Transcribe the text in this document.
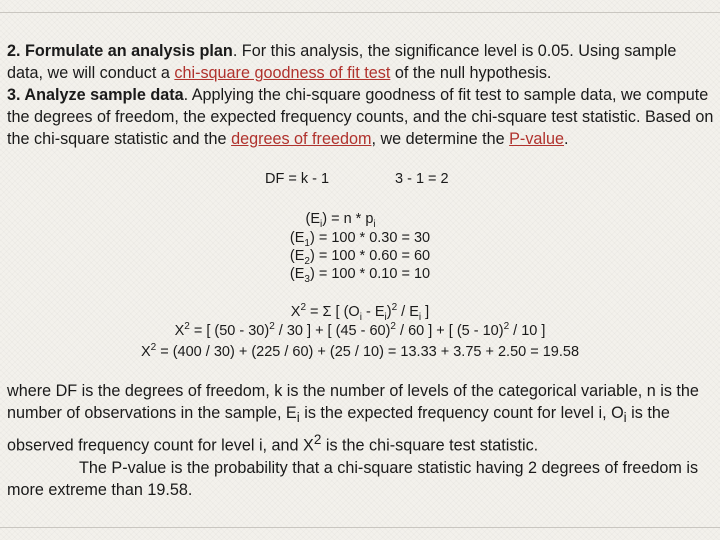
2. Formulate an analysis plan. For this analysis, the significance level is 0.05. Using sample data, we will conduct a chi-square goodness of fit test of the null hypothesis.
3. Analyze sample data. Applying the chi-square goodness of fit test to sample data, we compute the degrees of freedom, the expected frequency counts, and the chi-square test statistic. Based on the chi-square statistic and the degrees of freedom, we determine the P-value.

DF = k - 1	3 - 1 = 2
$(E_i) = n * p_i$
$(E_1) = 100 * 0.30 = 30$
$(E_2) = 100 * 0.60 = 60$
$(E_3) = 100 * 0.10 = 10$
$X^2 = \Sigma$ [ $(O_i - E_i)^2 / E_i$ ]
$X^2$ = [ (50 - 30)$^2$ / 30 ] + [ (45 - 60)$^2$ / 60 ] + [ (5 - 10)$^2$ / 10 ]
$X^2 = (400 / 30) + (225 / 60) + (25 / 10) = 13.33 + 3.75 + 2.50 = 19.58$

where DF is the degrees of freedom, k is the number of levels of the categorical variable, n is the number of observations in the sample, $E_i$ is the expected frequency count for level i, $O_i$ is the observed frequency count for level i, and $X^2$ is the chi-square test statistic.
The P-value is the probability that a chi-square statistic having 2 degrees of freedom is more extreme than 19.58.
